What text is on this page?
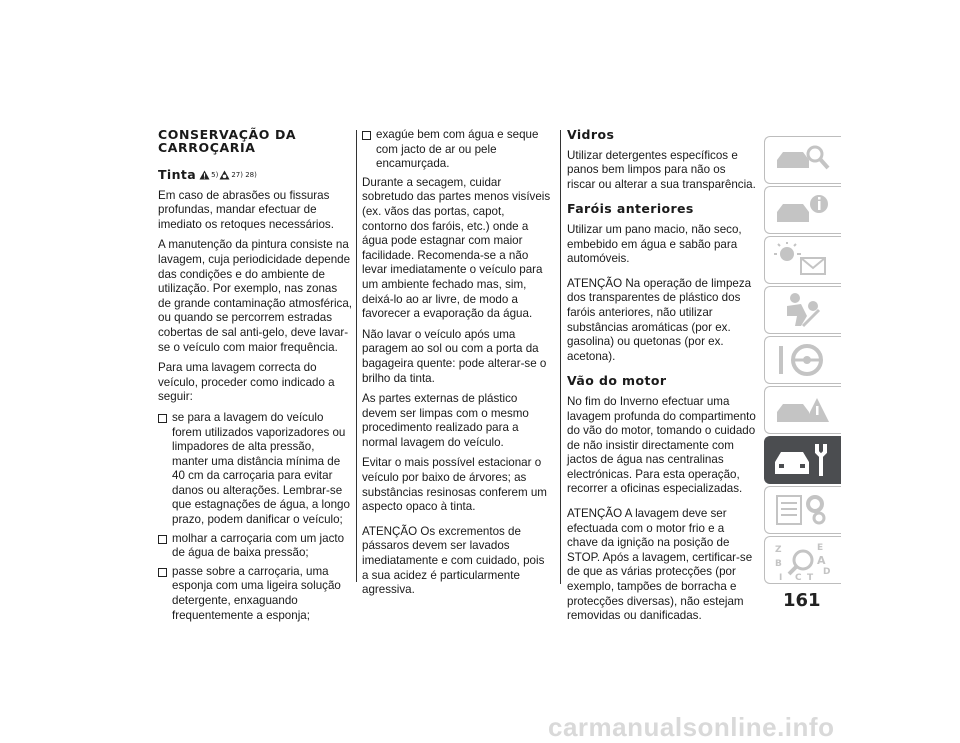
CONSERVAÇÃO DA CARROÇARIA
Tinta 5) 27)
28)

Em caso de abrasões ou fissuras profundas, mandar efectuar de imediato os retoques necessários.

A manutenção da pintura consiste na lavagem, cuja periodicidade depende das condições e do ambiente de utilização. Por exemplo, nas zonas de grande contaminação atmosférica, ou quando se percorrem estradas cobertas de sal anti-gelo, deve lavar-se o veículo com maior frequência.

Para uma lavagem correcta do veículo, proceder como indicado a seguir:

se para a lavagem do veículo forem utilizados vaporizadores ou limpadores de alta pressão, manter uma distância mínima de 40 cm da carroçaria para evitar danos ou alterações. Lembrar-se que estagnações de água, a longo prazo, podem danificar o veículo;
molhar a carroçaria com um jacto de água de baixa pressão;
passe sobre a carroçaria, uma esponja com uma ligeira solução detergente, enxaguando frequentemente a esponja;
exagúe bem com água e seque com jacto de ar ou pele encamurçada.

Durante a secagem, cuidar sobretudo das partes menos visíveis (ex. vãos das portas, capot, contorno dos faróis, etc.) onde a água pode estagnar com maior facilidade. Recomenda-se a não levar imediatamente o veículo para um ambiente fechado mas, sim, deixá-lo ao ar livre, de modo a favorecer a evaporação da água.

Não lavar o veículo após uma paragem ao sol ou com a porta da bagageira quente: pode alterar-se o brilho da tinta.

As partes externas de plástico devem ser limpas com o mesmo procedimento realizado para a normal lavagem do veículo.

Evitar o mais possível estacionar o veículo por baixo de árvores; as substâncias resinosas conferem um aspecto opaco à tinta.

ATENÇÃO Os excrementos de pássaros devem ser lavados imediatamente e com cuidado, pois a sua acidez é particularmente agressiva.

Vidros

Utilizar detergentes específicos e panos bem limpos para não os riscar ou alterar a sua transparência.

Faróis anteriores

Utilizar um pano macio, não seco, embebido em água e sabão para automóveis.

ATENÇÃO Na operação de limpeza dos transparentes de plástico dos faróis anteriores, não utilizar substâncias aromáticas (por ex. gasolina) ou quetonas (por ex. acetona).

Vão do motor

No fim do Inverno efectuar uma lavagem profunda do compartimento do vão do motor, tomando o cuidado de não insistir directamente com jactos de água nas centralinas electrónicas. Para esta operação, recorrer a oficinas especializadas.

ATENÇÃO A lavagem deve ser efectuada com o motor frio e a chave da ignição na posição de STOP. Após a lavagem, certificar-se de que as várias protecções (por exemplo, tampões de borracha e protecções diversas), não estejam removidas ou danificadas.

Z	E
B	A
I C T
D
161
carmanualsonline.info
